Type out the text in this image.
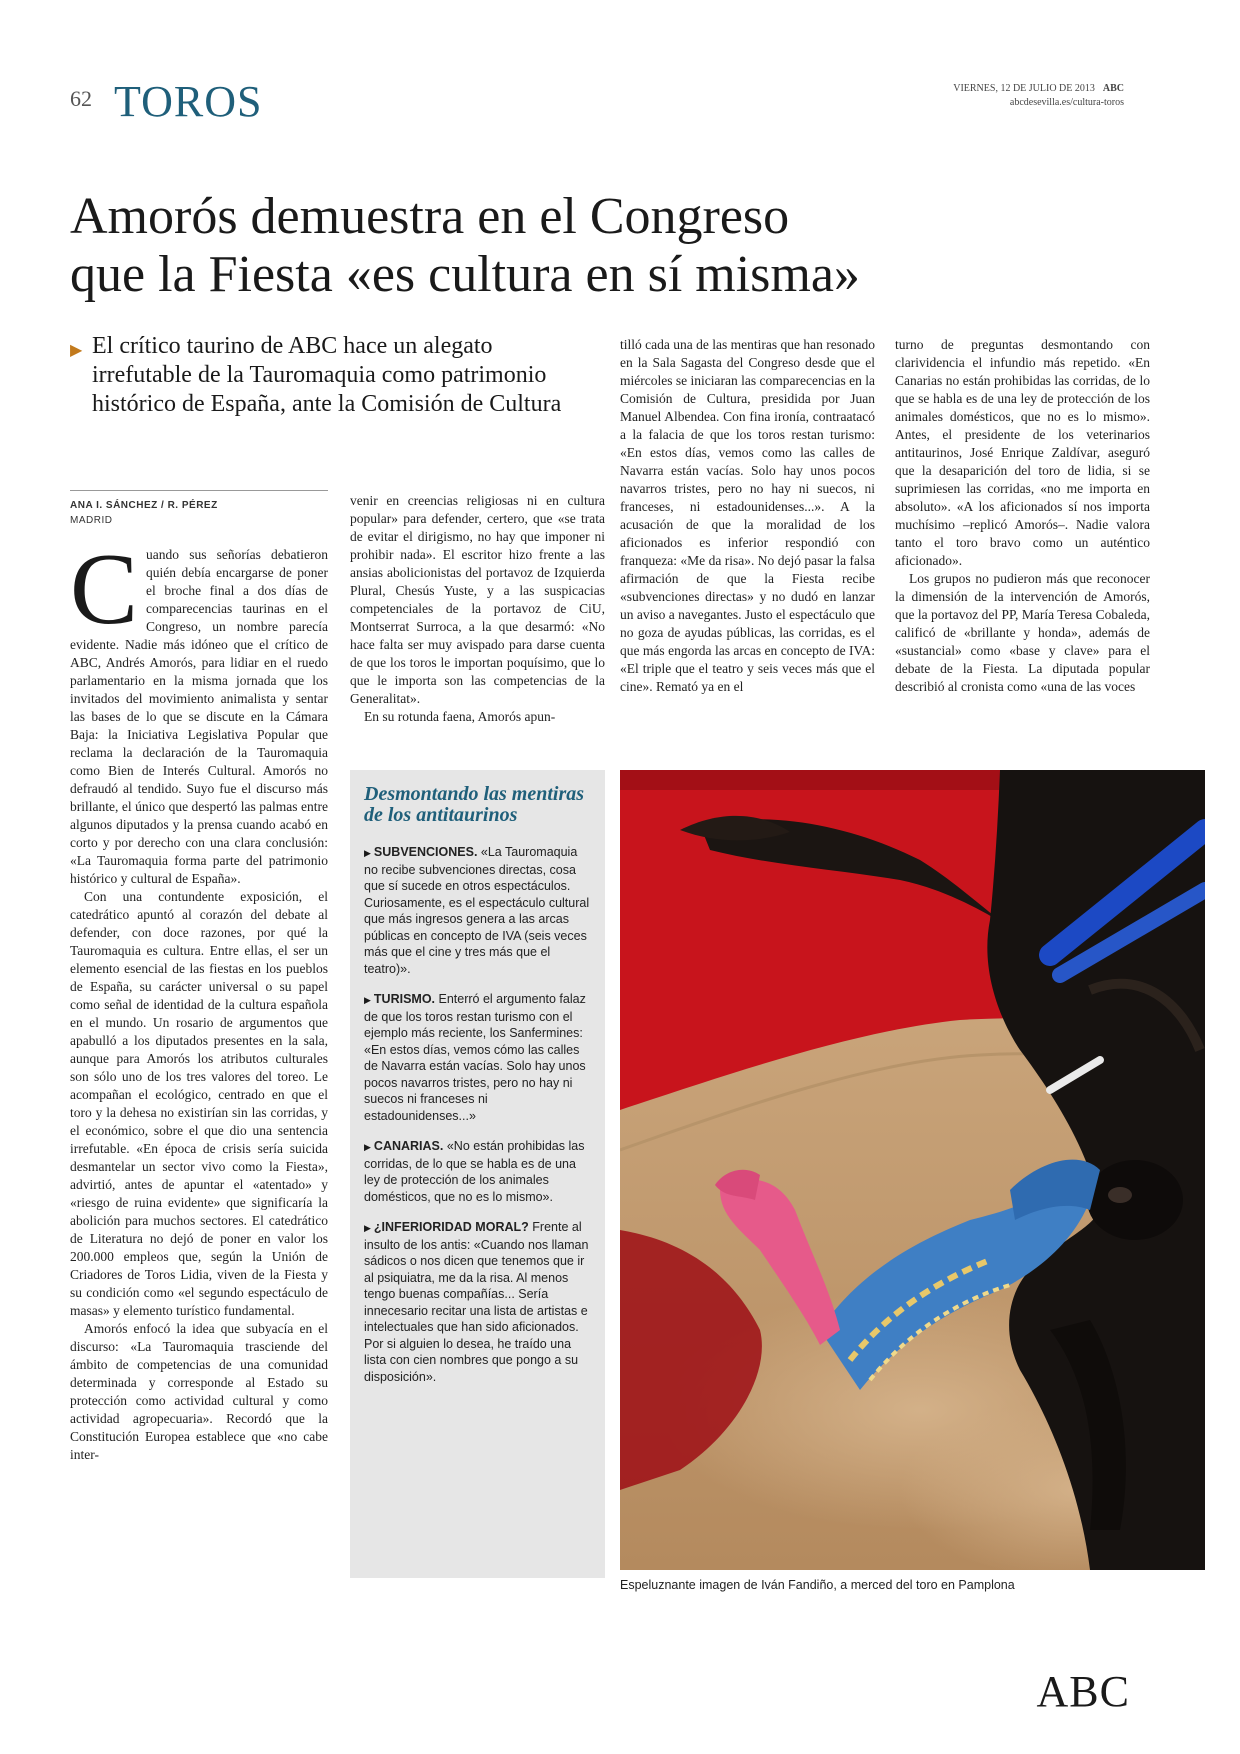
62 TOROS	VIERNES, 12 DE JULIO DE 2013 ABC
abcdesevilla.es/cultura-toros
Amorós demuestra en el Congreso
que la Fiesta «es cultura en sí misma»
▶ El crítico taurino de ABC hace un alegato irrefutable de la Tauromaquia como patrimonio histórico de España, ante la Comisión de Cultura
ANA I. SÁNCHEZ / R. PÉREZ
MADRID

Cuando sus señorías debatieron quién debía encargarse de poner el broche final a dos días de comparecencias taurinas en el Congreso, un nombre parecía evidente. Nadie más idóneo que el crítico de ABC, Andrés Amorós, para lidiar en el ruedo parlamentario en la misma jornada que los invitados del movimiento animalista y sentar las bases de lo que se discute en la Cámara Baja: la Iniciativa Legislativa Popular que reclama la declaración de la Tauromaquia como Bien de Interés Cultural. Amorós no defraudó al tendido. Suyo fue el discurso más brillante, el único que despertó las palmas entre algunos diputados y la prensa cuando acabó en corto y por derecho con una clara conclusión: «La Tauromaquia forma parte del patrimonio histórico y cultural de España».

Con una contundente exposición, el catedrático apuntó al corazón del debate al defender, con doce razones, por qué la Tauromaquia es cultura. Entre ellas, el ser un elemento esencial de las fiestas en los pueblos de España, su carácter universal o su papel como señal de identidad de la cultura española en el mundo. Un rosario de argumentos que apabulló a los diputados presentes en la sala, aunque para Amorós los atributos culturales son sólo uno de los tres valores del toreo. Le acompañan el ecológico, centrado en que el toro y la dehesa no existirían sin las corridas, y el económico, sobre el que dio una sentencia irrefutable. «En época de crisis sería suicida desmantelar un sector vivo como la Fiesta», advirtió, antes de apuntar el «atentado» y «riesgo de ruina evidente» que significaría la abolición para muchos sectores. El catedrático de Literatura no dejó de poner en valor los 200.000 empleos que, según la Unión de Criadores de Toros Lidia, viven de la Fiesta y su condición como «el segundo espectáculo de masas» y elemento turístico fundamental.

Amorós enfocó la idea que subyacía en el discurso: «La Tauromaquia trasciende del ámbito de competencias de una comunidad determinada y corresponde al Estado su protección como actividad cultural y como actividad agropecuaria». Recordó que la Constitución Europea establece que «no cabe inter-

venir en creencias religiosas ni en cultura popular» para defender, certero, que «se trata de evitar el dirigismo, no hay que imponer ni prohibir nada». El escritor hizo frente a las ansias abolicionistas del portavoz de Izquierda Plural, Chesús Yuste, y a las suspicacias competenciales de la portavoz de CiU, Montserrat Surroca, a la que desarmó: «No hace falta ser muy avispado para darse cuenta de que los toros le importan poquísimo, que lo que le importa son las competencias de la Generalitat».

En su rotunda faena, Amorós apun-

tilló cada una de las mentiras que han resonado en la Sala Sagasta del Congreso desde que el miércoles se iniciaran las comparecencias en la Comisión de Cultura, presidida por Juan Manuel Albendea. Con fina ironía, contraatacó a la falacia de que los toros restan turismo: «En estos días, vemos como las calles de Navarra están vacías. Solo hay unos pocos navarros tristes, pero no hay ni suecos, ni franceses, ni estadounidenses...». A la acusación de que la moralidad de los aficionados es inferior respondió con franqueza: «Me da risa». No dejó pasar la falsa afirmación de que la Fiesta recibe «subvenciones directas» y no dudó en lanzar un aviso a navegantes. Justo el espectáculo que no goza de ayudas públicas, las corridas, es el que más engorda las arcas en concepto de IVA: «El triple que el teatro y seis veces más que el cine». Remató ya en el

turno de preguntas desmontando con clarividencia el infundio más repetido. «En Canarias no están prohibidas las corridas, de lo que se habla es de una ley de protección de los animales domésticos, que no es lo mismo». Antes, el presidente de los veterinarios antitaurinos, José Enrique Zaldívar, aseguró que la desaparición del toro de lidia, si se suprimiesen las corridas, «no me importa en absoluto». «A los aficionados sí nos importa muchísimo –replicó Amorós–. Nadie valora tanto el toro bravo como un auténtico aficionado».

Los grupos no pudieron más que reconocer la dimensión de la intervención de Amorós, que la portavoz del PP, María Teresa Cobaleda, calificó de «brillante y honda», además de «sustancial» como «base y clave» para el debate de la Fiesta. La diputada popular describió al cronista como «una de las voces

Desmontando las mentiras de los antitaurinos
▶ SUBVENCIONES. «La Tauromaquia no recibe subvenciones directas, cosa que sí sucede en otros espectáculos. Curiosamente, es el espectáculo cultural que más ingresos genera a las arcas públicas en concepto de IVA (seis veces más que el cine y tres más que el teatro)».
▶ TURISMO. Enterró el argumento falaz de que los toros restan turismo con el ejemplo más reciente, los Sanfermines: «En estos días, vemos cómo las calles de Navarra están vacías. Solo hay unos pocos navarros tristes, pero no hay ni suecos ni franceses ni estadounidenses...»
▶ CANARIAS. «No están prohibidas las corridas, de lo que se habla es de una ley de protección de los animales domésticos, que no es lo mismo».
▶ ¿INFERIORIDAD MORAL? Frente al insulto de los antis: «Cuando nos llaman sádicos o nos dicen que tenemos que ir al psiquiatra, me da la risa. Al menos tengo buenas compañías... Sería innecesario recitar una lista de artistas e intelectuales que han sido aficionados. Por si alguien lo desea, he traído una lista con cien nombres que pongo a su disposición».
Espeluznante imagen de Iván Fandiño, a merced del toro en Pamplona
ABC
